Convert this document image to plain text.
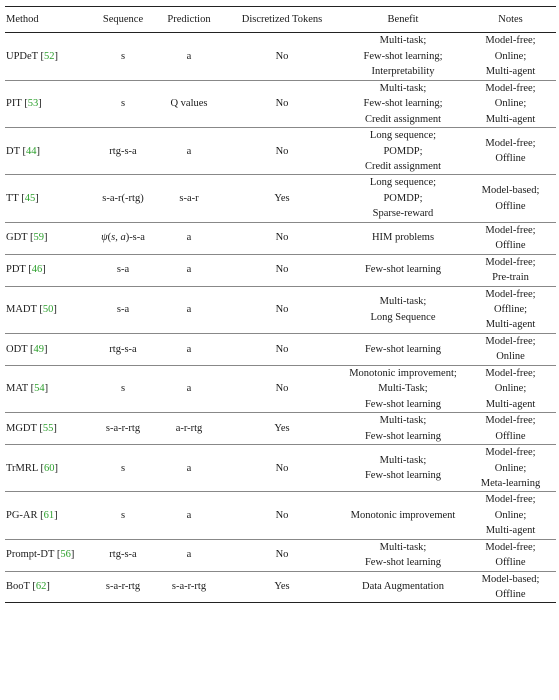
Method	Sequence	Prediction	Discretized Tokens	Benefit	Notes
UPDeT [52]	s	a	No	Multi-task;
Few-shot learning;
Interpretability	Model-free;
Online;
Multi-agent

PIT [53]	s	Q values	No	Multi-task;
Few-shot learning;
Credit assignment	Model-free;
Online;
Multi-agent

DT [44]	rtg-s-a	a	No	Long sequence;
POMDP;
Credit assignment	Model-free;
Offline

TT [45]	s-a-r(-rtg)	s-a-r	Yes	Long sequence;
POMDP;
Sparse-reward	Model-based;
Offline

GDT [59]	ψ(s, a)-s-a	a	No	HIM problems	Model-free;
Offline

PDT [46]	s-a	a	No	Few-shot learning	Model-free;
Pre-train

MADT [50]	s-a	a	No	Multi-task;
Long Sequence	Model-free;
Offline;
Multi-agent

ODT [49]	rtg-s-a	a	No	Few-shot learning	Model-free;
Online

MAT [54]	s	a	No	Monotonic improvement;
Multi-Task;
Few-shot learning	Model-free;
Online;
Multi-agent

MGDT [55]	s-a-r-rtg	a-r-rtg	Yes	Multi-task;
Few-shot learning	Model-free;
Offline

TrMRL [60]	s	a	No	Multi-task;
Few-shot learning	Model-free;
Online;
Meta-learning

PG-AR [61]	s	a	No	Monotonic improvement	Model-free;
Online;
Multi-agent

Prompt-DT [56]	rtg-s-a	a	No	Multi-task;
Few-shot learning	Model-free;
Offline

BooT [62]	s-a-r-rtg	s-a-r-rtg	Yes	Data Augmentation	Model-based;
Offline
